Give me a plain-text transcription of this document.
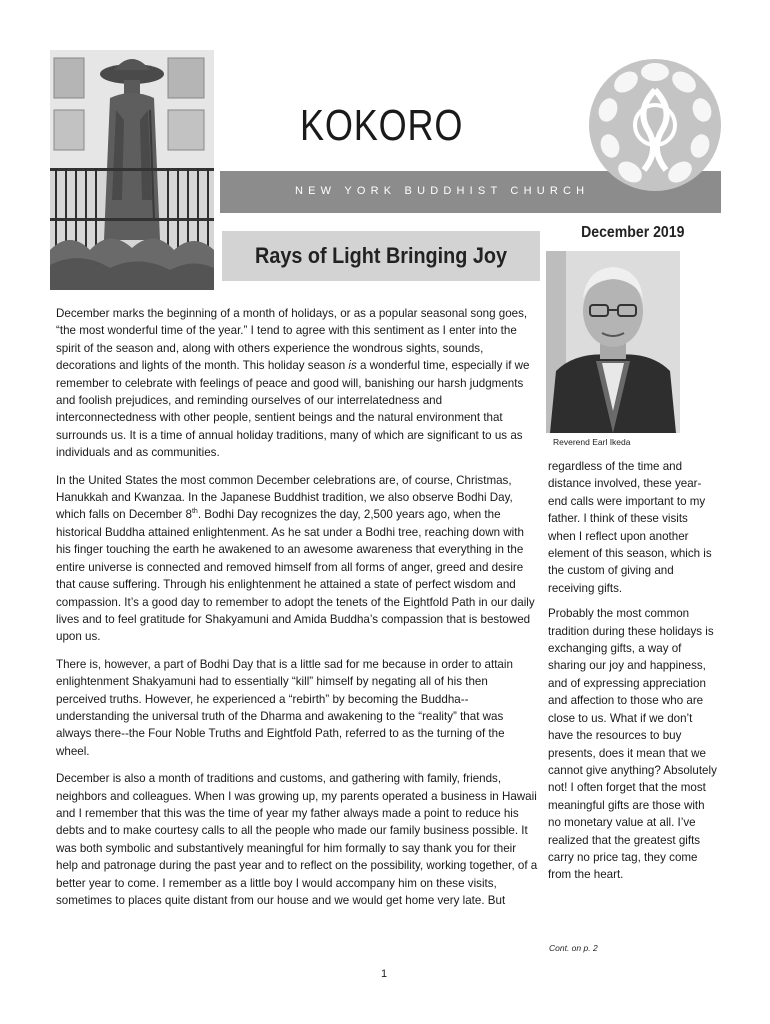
KOKORO
NEW YORK BUDDHIST CHURCH
December 2019
Rays of Light Bringing Joy
Reverend Earl Ikeda

December marks the beginning of a month of holidays, or as a popular seasonal song goes, “the most wonderful time of the year.” I tend to agree with this sentiment as I enter into the spirit of the season and, along with others experience the wondrous sights, sounds, decorations and lights of the month. This holiday season is a wonderful time, especially if we remember to celebrate with feelings of peace and good will, banishing our harsh judgments and foolish prejudices, and reminding ourselves of our interrelatedness and interconnectedness with other people, sentient beings and the natural environment that surrounds us. It is a time of annual holiday traditions, many of which are significant to us as individuals and as communities.

In the United States the most common December celebrations are, of course, Christmas, Hanukkah and Kwanzaa. In the Japanese Buddhist tradition, we also observe Bodhi Day, which falls on December 8th. Bodhi Day recognizes the day, 2,500 years ago, when the historical Buddha attained enlightenment. As he sat under a Bodhi tree, reaching down with his finger touching the earth he awakened to an awesome awareness that everything in the entire universe is connected and removed himself from all forms of anger, greed and desire that cause suffering. Through his enlightenment he attained a state of perfect wisdom and compassion. It’s a good day to remember to adopt the tenets of the Eightfold Path in our daily lives and to feel gratitude for Shakyamuni and Amida Buddha’s compassion that is bestowed upon us.

There is, however, a part of Bodhi Day that is a little sad for me because in order to attain enlightenment Shakyamuni had to essentially “kill” himself by negating all of his then perceived truths. However, he experienced a “rebirth” by becoming the Buddha--understanding the universal truth of the Dharma and awakening to the “reality” that was always there--the Four Noble Truths and Eightfold Path, referred to as the turning of the wheel.

December is also a month of traditions and customs, and gathering with family, friends, neighbors and colleagues. When I was growing up, my parents operated a business in Hawaii and I remember that this was the time of year my father always made a point to reduce his debts and to make courtesy calls to all the people who made our family business possible. It was both symbolic and substantively meaningful for him formally to say thank you for their help and patronage during the past year and to reflect on the possibility, working together, of a better year to come. I remember as a little boy I would accompany him on these visits, sometimes to places quite distant from our house and we would get home very late. But

regardless of the time and distance involved, these year-end calls were important to my father. I think of these visits when I reflect upon another element of this season, which is the custom of giving and receiving gifts.

Probably the most common tradition during these holidays is exchanging gifts, a way of sharing our joy and happiness, and of expressing appreciation and affection to those who are close to us. What if we don’t have the resources to buy presents, does it mean that we cannot give anything? Absolutely not! I often forget that the most meaningful gifts are those with no monetary value at all. I’ve realized that the greatest gifts carry no price tag, they come from the heart.

Cont. on p. 2
1
